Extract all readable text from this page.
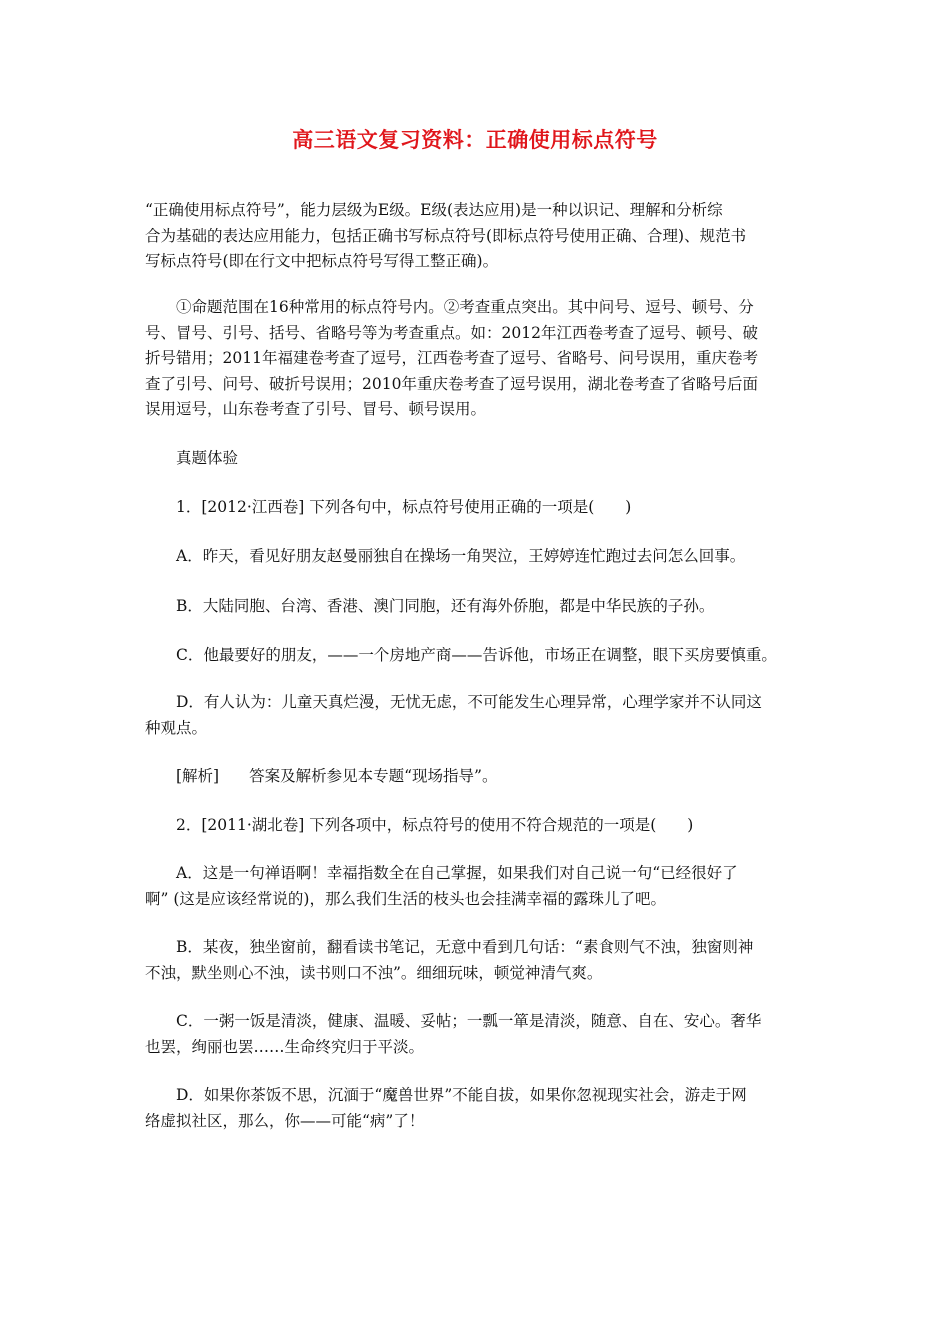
高三语文复习资料：正确使用标点符号
“正确使用标点符号”，能力层级为E级。E级(表达应用)是一种以识记、理解和分析综
合为基础的表达应用能力，包括正确书写标点符号(即标点符号使用正确、合理)、规范书
写标点符号(即在行文中把标点符号写得工整正确)。
①命题范围在16种常用的标点符号内。②考查重点突出。其中问号、逗号、顿号、分
号、冒号、引号、括号、省略号等为考查重点。如：2012年江西卷考查了逗号、顿号、破
折号错用；2011年福建卷考查了逗号，江西卷考查了逗号、省略号、问号误用，重庆卷考
查了引号、问号、破折号误用；2010年重庆卷考查了逗号误用，湖北卷考查了省略号后面
误用逗号，山东卷考查了引号、冒号、顿号误用。
真题体验
1．[2012·江西卷] 下列各句中，标点符号使用正确的一项是(　　)
A．昨天，看见好朋友赵曼丽独自在操场一角哭泣，王婷婷连忙跑过去问怎么回事。
B．大陆同胞、台湾、香港、澳门同胞，还有海外侨胞，都是中华民族的子孙。
C．他最要好的朋友，——一个房地产商——告诉他，市场正在调整，眼下买房要慎重。
D．有人认为：儿童天真烂漫，无忧无虑，不可能发生心理异常，心理学家并不认同这
种观点。
[解析] 答案及解析参见本专题“现场指导”。
2．[2011·湖北卷] 下列各项中，标点符号的使用不符合规范的一项是(　　)
A．这是一句禅语啊！幸福指数全在自己掌握，如果我们对自己说一句“已经很好了
啊” (这是应该经常说的)，那么我们生活的枝头也会挂满幸福的露珠儿了吧。
B．某夜，独坐窗前，翻看读书笔记，无意中看到几句话：“素食则气不浊，独窗则神
不浊，默坐则心不浊，读书则口不浊”。细细玩味，顿觉神清气爽。
C．一粥一饭是清淡，健康、温暖、妥帖；一瓢一箪是清淡，随意、自在、安心。奢华
也罢，绚丽也罢……生命终究归于平淡。
D．如果你茶饭不思，沉湎于“魔兽世界”不能自拔，如果你忽视现实社会，游走于网
络虚拟社区，那么，你——可能“病”了！
